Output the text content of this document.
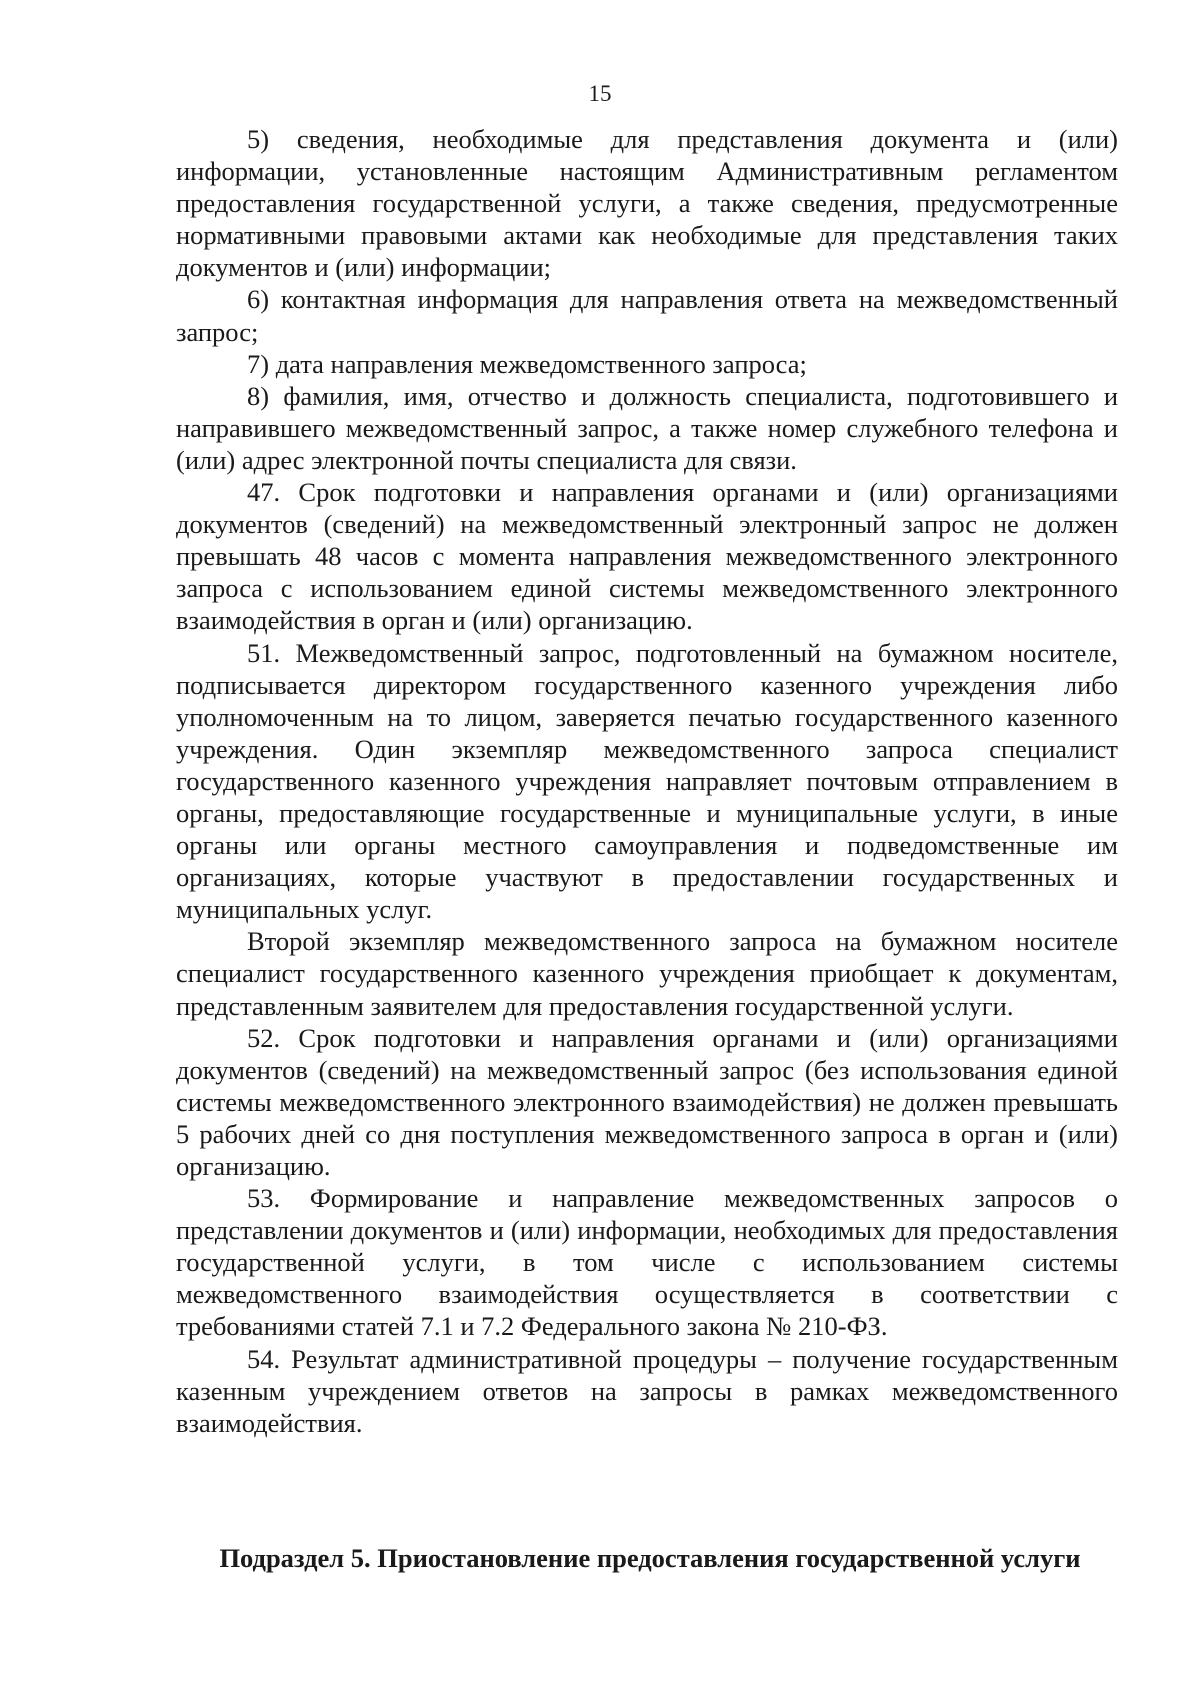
15

5) сведения, необходимые для представления документа и (или) информации, установленные настоящим Административным регламентом предоставления государственной услуги, а также сведения, предусмотренные нормативными правовыми актами как необходимые для представления таких документов и (или) информации;

6) контактная информация для направления ответа на межведомственный запрос;

7) дата направления межведомственного запроса;

8) фамилия, имя, отчество и должность специалиста, подготовившего и направившего межведомственный запрос, а также номер служебного телефона и (или) адрес электронной почты специалиста для связи.

47. Срок подготовки и направления органами и (или) организациями документов (сведений) на межведомственный электронный запрос не должен превышать 48 часов с момента направления межведомственного электронного запроса с использованием единой системы межведомственного электронного взаимодействия в орган и (или) организацию.

51. Межведомственный запрос, подготовленный на бумажном носителе, подписывается директором государственного казенного учреждения либо уполномоченным на то лицом, заверяется печатью государственного казенного учреждения. Один экземпляр межведомственного запроса специалист государственного казенного учреждения направляет почтовым отправлением в органы, предоставляющие государственные и муниципальные услуги, в иные органы или органы местного самоуправления и подведомственные им организациях, которые участвуют в предоставлении государственных и муниципальных услуг.

Второй экземпляр межведомственного запроса на бумажном носителе специалист государственного казенного учреждения приобщает к документам, представленным заявителем для предоставления государственной услуги.

52. Срок подготовки и направления органами и (или) организациями документов (сведений) на межведомственный запрос (без использования единой системы межведомственного электронного взаимодействия) не должен превышать 5 рабочих дней со дня поступления межведомственного запроса в орган и (или) организацию.

53. Формирование и направление межведомственных запросов о представлении документов и (или) информации, необходимых для предоставления государственной услуги, в том числе с использованием системы межведомственного взаимодействия осуществляется в соответствии с требованиями статей 7.1 и 7.2 Федерального закона № 210-ФЗ.

54. Результат административной процедуры – получение государственным казенным учреждением ответов на запросы в рамках межведомственного взаимодействия.

Подраздел 5. Приостановление предоставления государственной услуги
